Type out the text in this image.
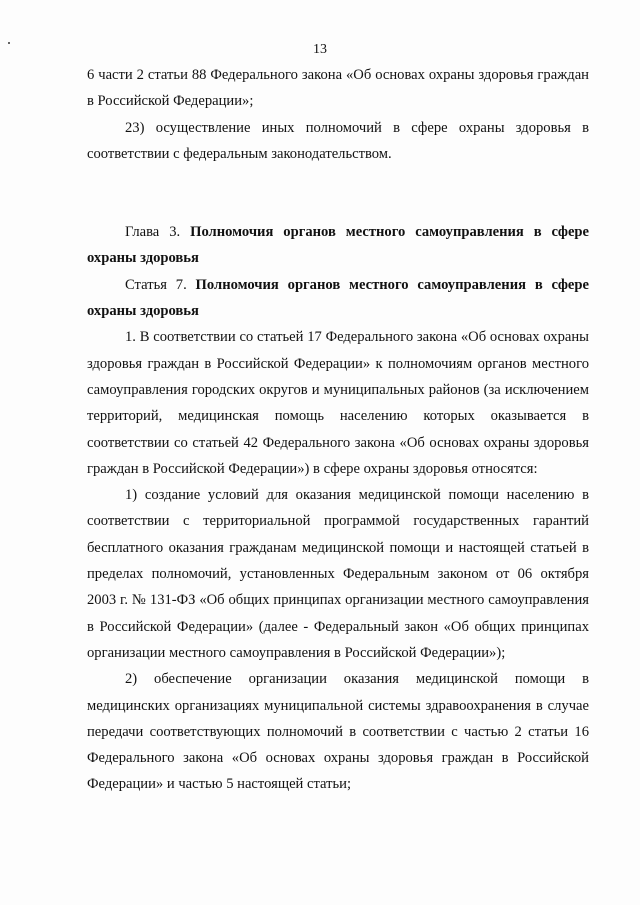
13

6 части 2 статьи 88 Федерального закона «Об основах охраны здоровья граждан в Российской Федерации»;

23) осуществление иных полномочий в сфере охраны здоровья в соответствии с федеральным законодательством.

Глава 3. Полномочия органов местного самоуправления в сфере охраны здоровья

Статья 7. Полномочия органов местного самоуправления в сфере охраны здоровья

1. В соответствии со статьей 17 Федерального закона «Об основах охраны здоровья граждан в Российской Федерации» к полномочиям органов местного самоуправления городских округов и муниципальных районов (за исключением территорий, медицинская помощь населению которых оказывается в соответствии со статьей 42 Федерального закона «Об основах охраны здоровья граждан в Российской Федерации») в сфере охраны здоровья относятся:

1) создание условий для оказания медицинской помощи населению в соответствии с территориальной программой государственных гарантий бесплатного оказания гражданам медицинской помощи и настоящей статьей в пределах полномочий, установленных Федеральным законом от 06 октября 2003 г. № 131-ФЗ «Об общих принципах организации местного самоуправления в Российской Федерации» (далее - Федеральный закон «Об общих принципах организации местного самоуправления в Российской Федерации»);

2) обеспечение организации оказания медицинской помощи в медицинских организациях муниципальной системы здравоохранения в случае передачи соответствующих полномочий в соответствии с частью 2 статьи 16 Федерального закона «Об основах охраны здоровья граждан в Российской Федерации» и частью 5 настоящей статьи;
